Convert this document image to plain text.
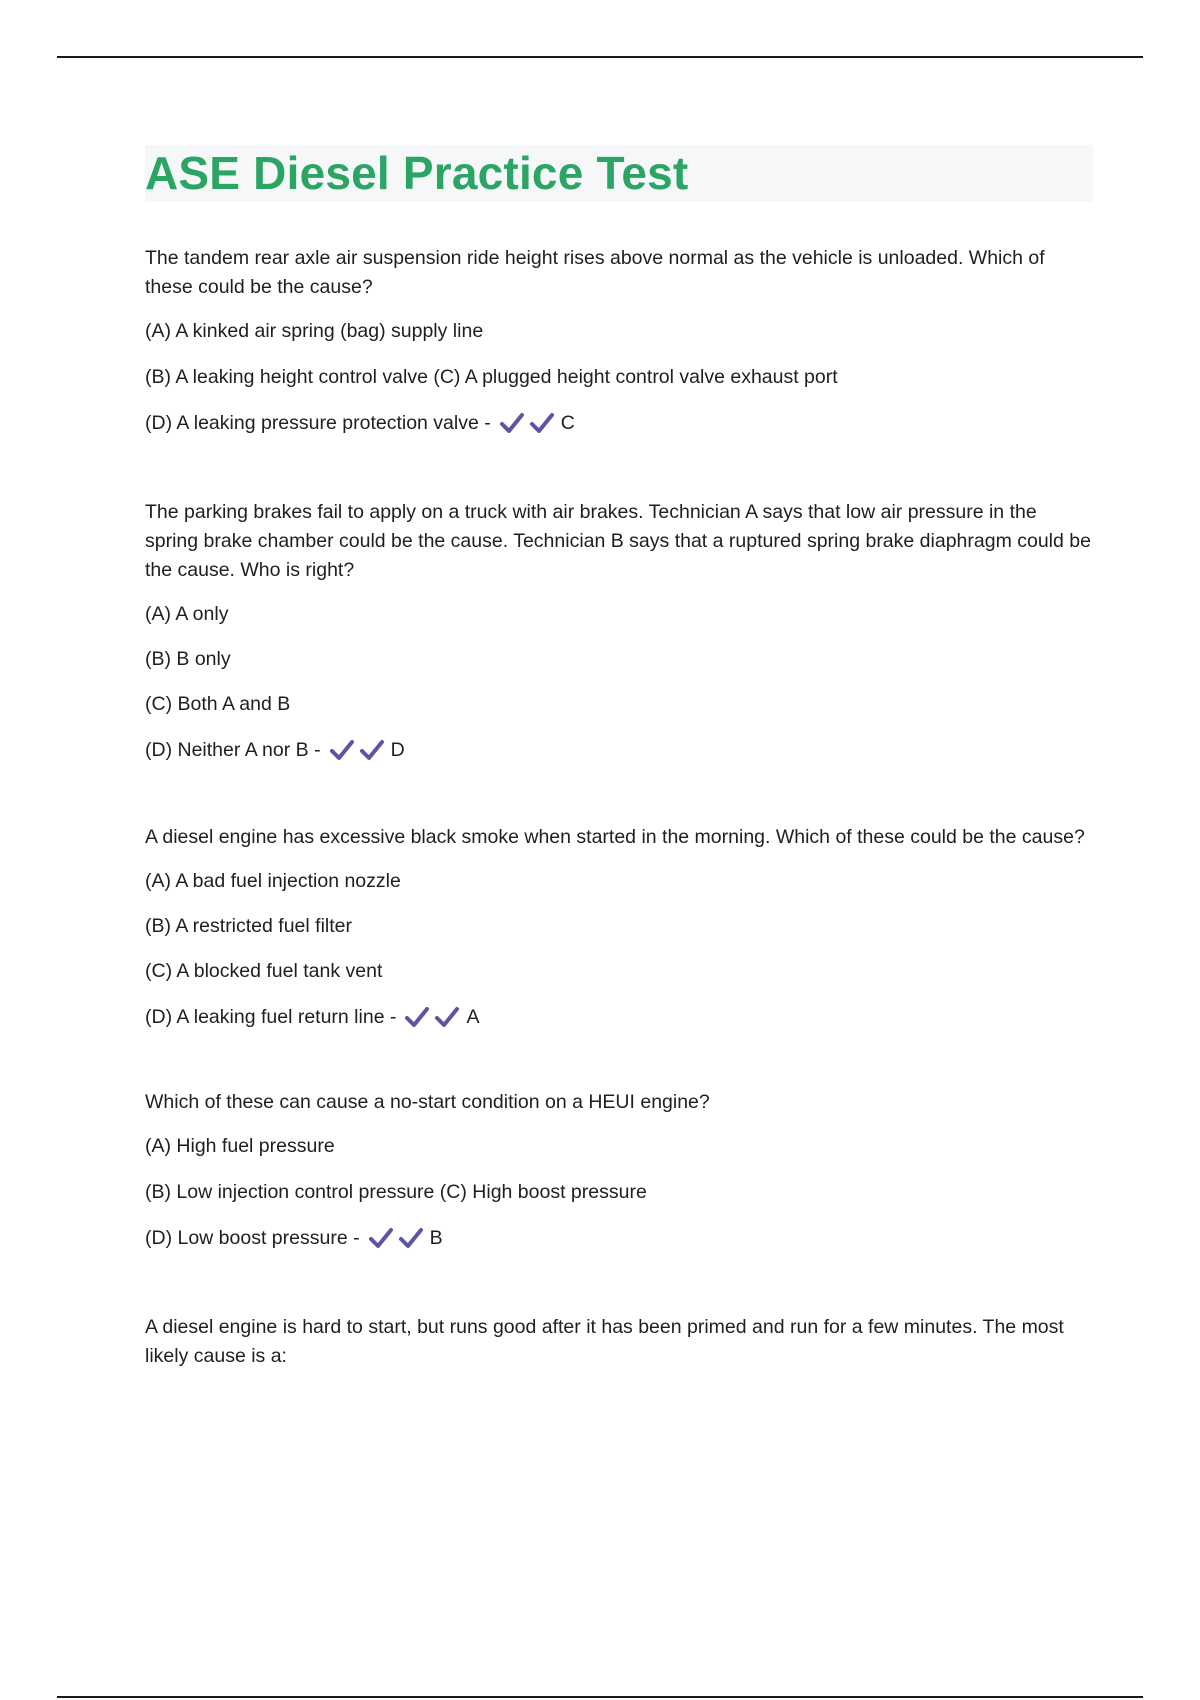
ASE Diesel Practice Test

The tandem rear axle air suspension ride height rises above normal as the vehicle is unloaded. Which of these could be the cause?

(A) A kinked air spring (bag) supply line

(B) A leaking height control valve (C) A plugged height control valve exhaust port

(D) A leaking pressure protection valve -	C

The parking brakes fail to apply on a truck with air brakes. Technician A says that low air pressure in the spring brake chamber could be the cause. Technician B says that a ruptured spring brake diaphragm could be the cause. Who is right?

(A) A only

(B) B only

(C) Both A and B

(D) Neither A nor B -	D

A diesel engine has excessive black smoke when started in the morning. Which of these could be the cause?

(A) A bad fuel injection nozzle

(B) A restricted fuel filter

(C) A blocked fuel tank vent

(D) A leaking fuel return line -	A

Which of these can cause a no-start condition on a HEUI engine?

(A) High fuel pressure

(B) Low injection control pressure (C) High boost pressure

(D) Low boost pressure -	B

A diesel engine is hard to start, but runs good after it has been primed and run for a few minutes. The most likely cause is a:
